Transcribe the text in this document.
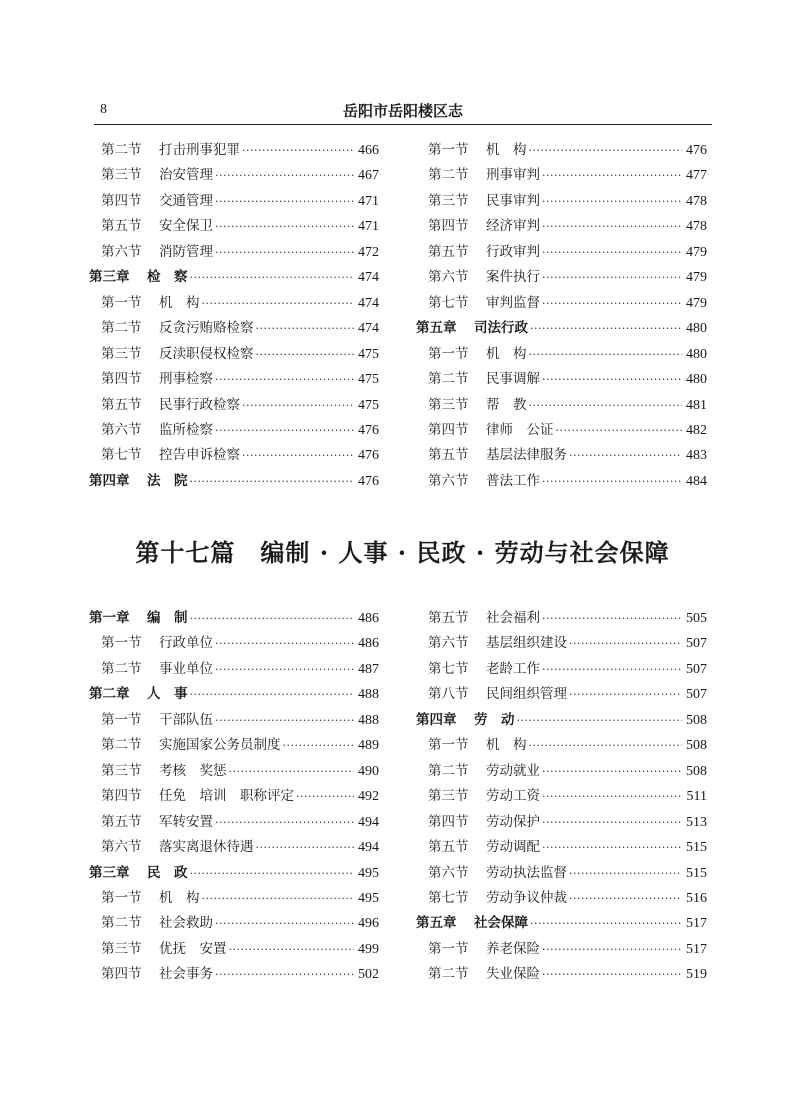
8	岳阳市岳阳楼区志
第二节 打击刑事犯罪 ·····	466
第三节 治安管理 ·····	467
第四节 交通管理 ·····	471
第五节 安全保卫 ·····	471
第六节 消防管理 ·····	472
第三章 检　察 ·····	474
第一节 机　构 ·····	474
第二节 反贪污贿赂检察 ·····	474
第三节 反渎职侵权检察 ·····	475
第四节 刑事检察 ·····	475
第五节 民事行政检察 ·····	475
第六节 监所检察 ·····	476
第七节 控告申诉检察 ·····	476
第四章 法　院 ·····	476
第一节 机　构 ·····	476
第二节 刑事审判 ·····	477
第三节 民事审判 ·····	478
第四节 经济审判 ·····	478
第五节 行政审判 ·····	479
第六节 案件执行 ·····	479
第七节 审判监督 ·····	479
第五章 司法行政 ·····	480
第一节 机　构 ·····	480
第二节 民事调解 ·····	480
第三节 帮　教 ·····	481
第四节 律师　公证 ·····	482
第五节 基层法律服务 ·····	483
第六节 普法工作 ·····	484
第十七篇　编制 · 人事 · 民政 · 劳动与社会保障
第一章 编　制 ·····	486
第一节 行政单位 ·····	486
第二节 事业单位 ·····	487
第二章 人　事 ·····	488
第一节 干部队伍 ·····	488
第二节 实施国家公务员制度 ·····	489
第三节 考核　奖惩 ·····	490
第四节 任免　培训　职称评定 ·····	492
第五节 军转安置 ·····	494
第六节 落实离退休待遇 ·····	494
第三章 民　政 ·····	495
第一节 机　构 ·····	495
第二节 社会救助 ·····	496
第三节 优抚　安置 ·····	499
第四节 社会事务 ·····	502
第五节 社会福利 ·····	505
第六节 基层组织建设 ·····	507
第七节 老龄工作 ·····	507
第八节 民间组织管理 ·····	507
第四章 劳　动 ·····	508
第一节 机　构 ·····	508
第二节 劳动就业 ·····	508
第三节 劳动工资 ·····	511
第四节 劳动保护 ·····	513
第五节 劳动调配 ·····	515
第六节 劳动执法监督 ·····	515
第七节 劳动争议仲裁 ·····	516
第五章 社会保障 ·····	517
第一节 养老保险 ·····	517
第二节 失业保险 ·····	519
